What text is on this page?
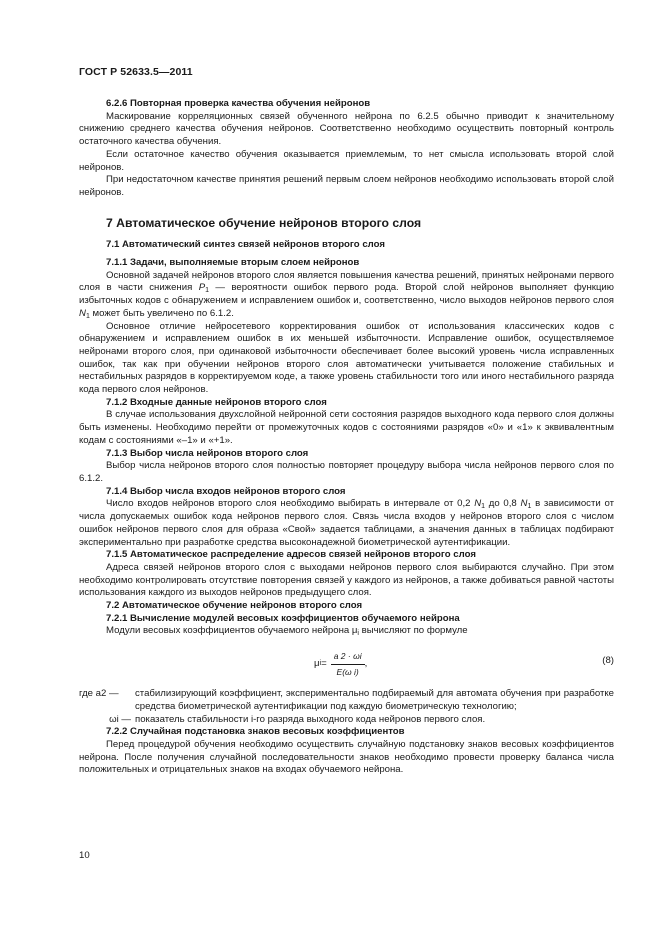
ГОСТ Р 52633.5—2011

6.2.6 Повторная проверка качества обучения нейронов

Маскирование корреляционных связей обученного нейрона по 6.2.5 обычно приводит к значительному снижению среднего качества обучения нейронов. Соответственно необходимо осуществить повторный контроль остаточного качества обучения.

Если остаточное качество обучения оказывается приемлемым, то нет смысла использовать второй слой нейронов.

При недостаточном качестве принятия решений первым слоем нейронов необходимо использовать второй слой нейронов.

7 Автоматическое обучение нейронов второго слоя

7.1 Автоматический синтез связей нейронов второго слоя

7.1.1 Задачи, выполняемые вторым слоем нейронов

Основной задачей нейронов второго слоя является повышения качества решений, принятых нейронами первого слоя в части снижения $P_1$ — вероятности ошибок первого рода. Второй слой нейронов выполняет функцию избыточных кодов с обнаружением и исправлением ошибок и, соответственно, число выходов нейронов первого слоя $N_1$ может быть увеличено по 6.1.2.

Основное отличие нейросетевого корректирования ошибок от использования классических кодов с обнаружением и исправлением ошибок в их меньшей избыточности. Исправление ошибок, осуществляемое нейронами второго слоя, при одинаковой избыточности обеспечивает более высокий уровень числа исправленных ошибок, так как при обучении нейронов второго слоя автоматически учитывается положение стабильных и нестабильных разрядов в корректируемом коде, а также уровень стабильности того или иного нестабильного разряда кода первого слоя нейронов.

7.1.2 Входные данные нейронов второго слоя

В случае использования двухслойной нейронной сети состояния разрядов выходного кода первого слоя должны быть изменены. Необходимо перейти от промежуточных кодов с состояниями разрядов «0» и «1» к эквивалентным кодам с состояниями «–1» и «+1».

7.1.3 Выбор числа нейронов второго слоя

Выбор числа нейронов второго слоя полностью повторяет процедуру выбора числа нейронов первого слоя по 6.1.2.

7.1.4 Выбор числа входов нейронов второго слоя

Число входов нейронов второго слоя необходимо выбирать в интервале от 0,2 $N_1$ до 0,8 $N_1$ в зависимости от числа допускаемых ошибок кода нейронов первого слоя. Связь числа входов у нейронов второго слоя с числом ошибок нейронов первого слоя для образа «Свой» задается таблицами, а значения данных в таблицах подбирают экспериментально при разработке средства высоконадежной биометрической аутентификации.

7.1.5 Автоматическое распределение адресов связей нейронов второго слоя

Адреса связей нейронов второго слоя с выходами нейронов первого слоя выбираются случайно. При этом необходимо контролировать отсутствие повторения связей у каждого из нейронов, а также добиваться равной частоты использования каждого из выходов нейронов предыдущего слоя.

7.2 Автоматическое обучение нейронов второго слоя

7.2.1 Вычисление модулей весовых коэффициентов обучаемого нейрона

Модули весовых коэффициентов обучаемого нейрона $\mu_i$ вычисляют по формуле

μ $i = \frac{a 2 \cdot \omega i}{\text{E(ω i)}}$ ,	(8)
где a2 —	стабилизирующий коэффициент, экспериментально подбираемый для автомата обучения при разработке средства биометрической аутентификации под каждую биометрическую технологию;
ωi — показатель стабильности i-го разряда выходного кода нейронов первого слоя.

7.2.2 Случайная подстановка знаков весовых коэффициентов

Перед процедурой обучения необходимо осуществить случайную подстановку знаков весовых коэффициентов нейрона. После получения случайной последовательности знаков необходимо провести проверку баланса числа положительных и отрицательных знаков на входах обучаемого нейрона.

10
